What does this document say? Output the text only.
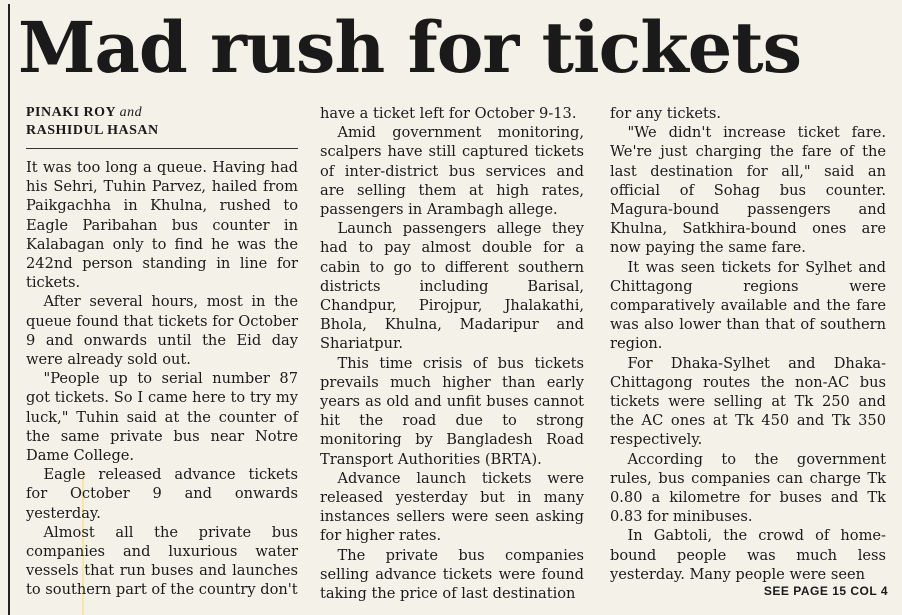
Mad rush for tickets
PINAKI ROY and
RASHIDUL HASAN

It was too long a queue. Having had his Sehri, Tuhin Parvez, hailed from Paikgachha in Khulna, rushed to Eagle Paribahan bus counter in Kalabagan only to find he was the 242nd person standing in line for tickets.

After several hours, most in the queue found that tickets for October 9 and onwards until the Eid day were already sold out.

"People up to serial number 87 got tickets. So I came here to try my luck," Tuhin said at the counter of the same private bus near Notre Dame College.

Eagle released advance tickets for October 9 and onwards yesterday.

Almost all the private bus companies and luxurious water vessels that run buses and launches to southern part of the country don't

have a ticket left for October 9-13.

Amid government monitoring, scalpers have still captured tickets of inter-district bus services and are selling them at high rates, passengers in Arambagh allege.

Launch passengers allege they had to pay almost double for a cabin to go to different southern districts including Barisal, Chandpur, Pirojpur, Jhalakathi, Bhola, Khulna, Madaripur and Shariatpur.

This time crisis of bus tickets prevails much higher than early years as old and unfit buses cannot hit the road due to strong monitoring by Bangladesh Road Transport Authorities (BRTA).

Advance launch tickets were released yesterday but in many instances sellers were seen asking for higher rates.

The private bus companies selling advance tickets were found taking the price of last destination

for any tickets.

"We didn't increase ticket fare. We're just charging the fare of the last destination for all," said an official of Sohag bus counter. Magura-bound passengers and Khulna, Satkhira-bound ones are now paying the same fare.

It was seen tickets for Sylhet and Chittagong regions were comparatively available and the fare was also lower than that of southern region.

For Dhaka-Sylhet and Dhaka-Chittagong routes the non-AC bus tickets were selling at Tk 250 and the AC ones at Tk 450 and Tk 350 respectively.

According to the government rules, bus companies can charge Tk 0.80 a kilometre for buses and Tk 0.83 for minibuses.

In Gabtoli, the crowd of home-bound people was much less yesterday. Many people were seen

SEE PAGE 15 COL 4
